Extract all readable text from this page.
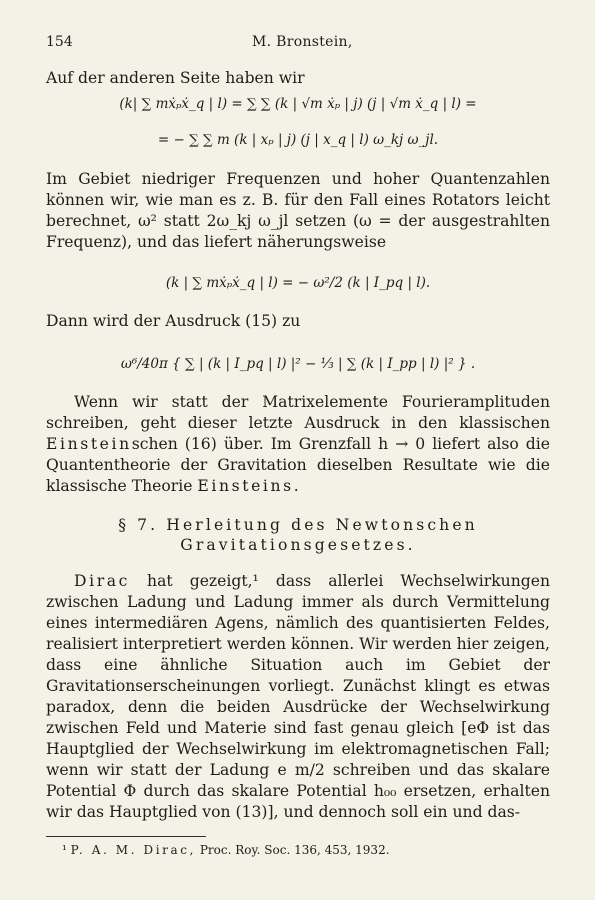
154	M. Bronstein,

Auf der anderen Seite haben wir

(k| ∑ mẋₚẋ_q | l) = ∑ ∑ (k | √m ẋₚ | j) (j | √m ẋ_q | l) =

= − ∑ ∑ m (k | xₚ | j) (j | x_q | l) ω_kj ω_jl.

Im Gebiet niedriger Frequenzen und hoher Quantenzahlen können wir, wie man es z. B. für den Fall eines Rotators leicht berechnet, ω² statt 2ω_kj ω_jl setzen (ω = der ausgestrahlten Frequenz), und das liefert näherungsweise

(k | ∑ mẋₚẋ_q | l) = − ω²/2 (k | I_pq | l).

Dann wird der Ausdruck (15) zu

ω⁶/40π { ∑ | (k | I_pq | l) |² − ⅓ | ∑ (k | I_pp | l) |² } .

Wenn wir statt der Matrixelemente Fourieramplituden schreiben, geht dieser letzte Ausdruck in den klassischen Einsteinschen (16) über. Im Grenzfall h → 0 liefert also die Quantentheorie der Gravitation dieselben Resultate wie die klassische Theorie Einsteins.

§ 7. Herleitung des Newtonschen Gravitationsgesetzes.

Dirac hat gezeigt,¹ dass allerlei Wechselwirkungen zwischen Ladung und Ladung immer als durch Vermittelung eines intermediären Agens, nämlich des quantisierten Feldes, realisiert interpretiert werden können. Wir werden hier zeigen, dass eine ähnliche Situation auch im Gebiet der Gravitationserscheinungen vorliegt. Zunächst klingt es etwas paradox, denn die beiden Ausdrücke der Wechselwirkung zwischen Feld und Materie sind fast genau gleich [eΦ ist das Hauptglied der Wechselwirkung im elektromagnetischen Fall; wenn wir statt der Ladung e m/2 schreiben und das skalare Potential Φ durch das skalare Potential h₀₀ ersetzen, erhalten wir das Hauptglied von (13)], und dennoch soll ein und das-

¹ P. A. M. Dirac, Proc. Roy. Soc. 136, 453, 1932.
